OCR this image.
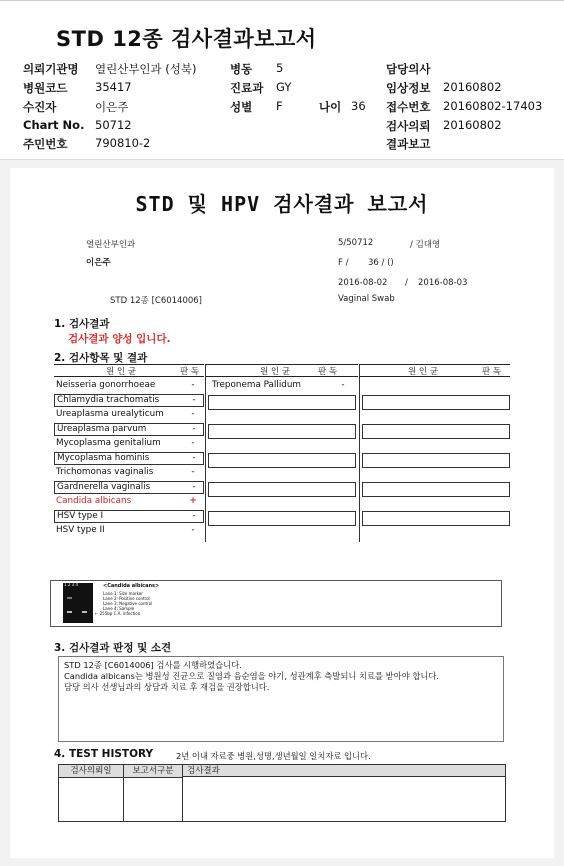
STD 12종 검사결과보고서
의뢰기관명 열린산부인과 (성북)	병동 5	담당의사
병원코드 35417	진료과 GY	임상정보 20160802
수진자	이은주	성별 F	나이 36 접수번호 20160802-17403
Chart No. 50712	검사의뢰 20160802
주민번호 790810-2	결과보고
STD 및 HPV 검사결과 보고서
열린산부인과
이은주
5/50712	/ 김대영
F / 36 / ()
2016-08-02 / 2016-08-03
STD 12종 [C6014006]	Vaginal Swab
1. 검사결과
검사결과 양성 입니다.
2. 검사항목 및 결과
원 인 균	판 독	원 인 균	판 독	원 인 균	판 독
Neisseria gonorrhoeae	-
Chlamydia trachomatis	-
Ureaplasma urealyticum	-
Ureaplasma parvum	-
Mycoplasma genitalium	-
Mycoplasma hominis	-
Trichomonas vaginalis	-
Gardnerella vaginalis	-
Candida albicans	+
HSV type I	-
HSV type II	-
Treponema Pallidum	-
1 2 3 4	<Candida albicans>
Lane 1: Size marker
Lane 2: Positive control
Lane 3: Negative control
Lane 4: Sample
← 255bp C.A. infection
3. 검사결과 판정 및 소견
STD 12종 [C6014006] 검사를 시행하였습니다.
Candida albicans는 병원성 진균으로 질염과 음순염을 야기, 성관계후 측발되니 치료를 받아야 합니다.
담당 의사 선생님과의 상담과 치료 후 재검을 권장합니다.
4. TEST HISTORY	2년 이내 자료중 병원,성명,생년월일 일치자료 입니다.
검사의뢰일	보고서구분	검사결과
